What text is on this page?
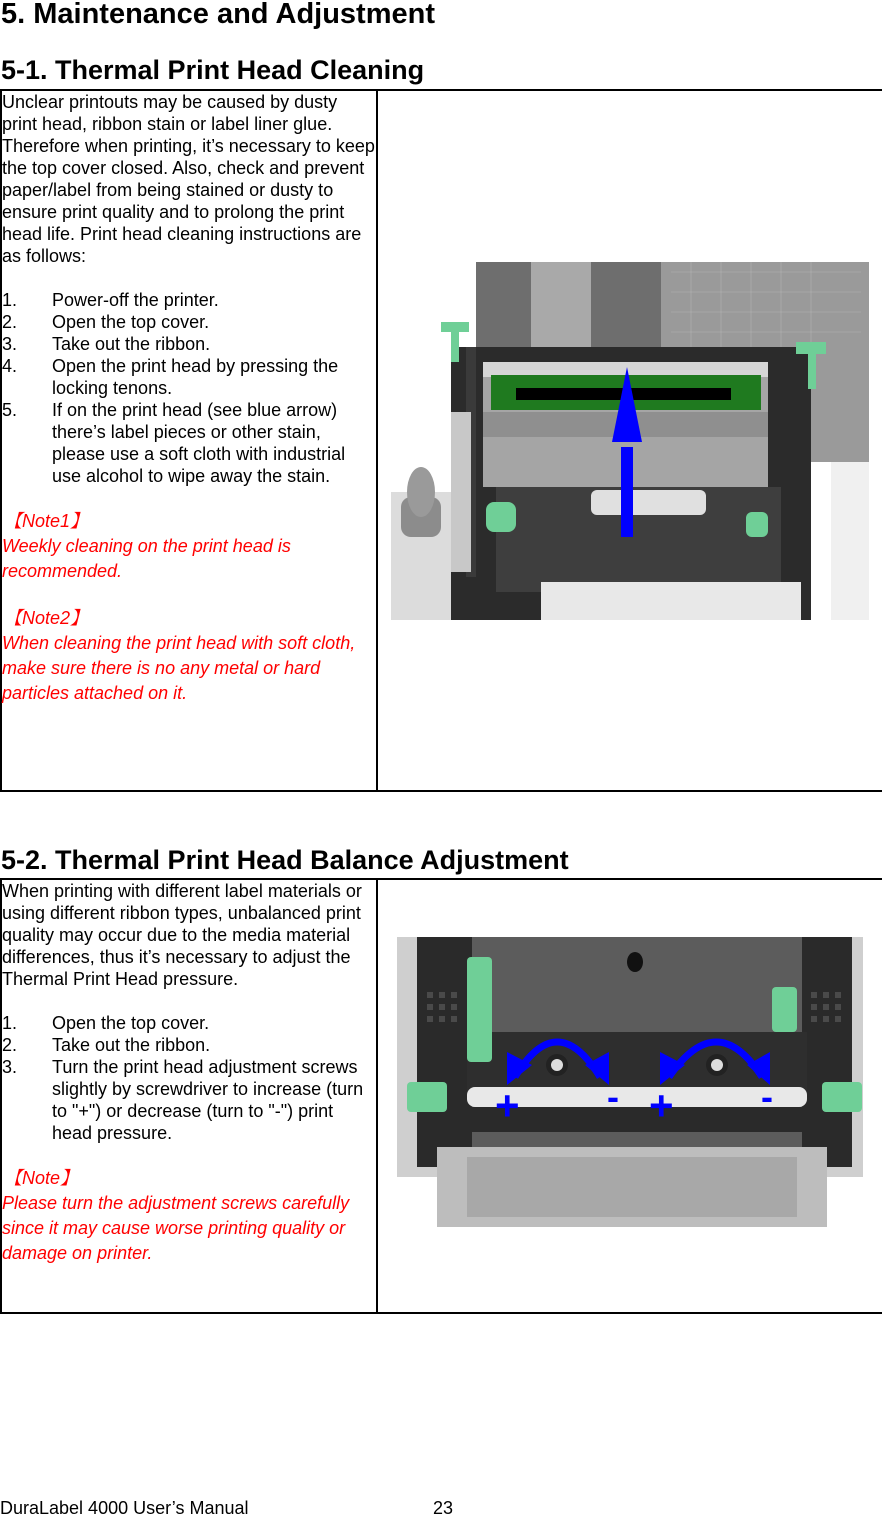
5. Maintenance and Adjustment
5-1. Thermal Print Head Cleaning

Unclear printouts may be caused by dusty print head, ribbon stain or label liner glue. Therefore when printing, it’s necessary to keep the top cover closed. Also, check and prevent paper/label from being stained or dusty to ensure print quality and to prolong the print head life. Print head cleaning instructions are as follows:

1. Power-off the printer.
2. Open the top cover.
3. Take out the ribbon.
4. Open the print head by pressing the locking tenons.
5. If on the print head (see blue arrow) there’s label pieces or other stain, please use a soft cloth with industrial use alcohol to wipe away the stain.
【Note1】
Weekly cleaning on the print head is recommended.
【Note2】
When cleaning the print head with soft cloth, make sure there is no any metal or hard particles attached on it.

5-2. Thermal Print Head Balance Adjustment

When printing with different label materials or using different ribbon types, unbalanced print quality may occur due to the media material differences, thus it’s necessary to adjust the Thermal Print Head pressure.

1. Open the top cover.
2. Take out the ribbon.
3. Turn the print head adjustment screws slightly by screwdriver to increase (turn to "+") or decrease (turn to "-") print head pressure.
【Note】
Please turn the adjustment screws carefully since it may cause worse printing quality or damage on printer.

+ - + -
DuraLabel 4000 User’s Manual	23
